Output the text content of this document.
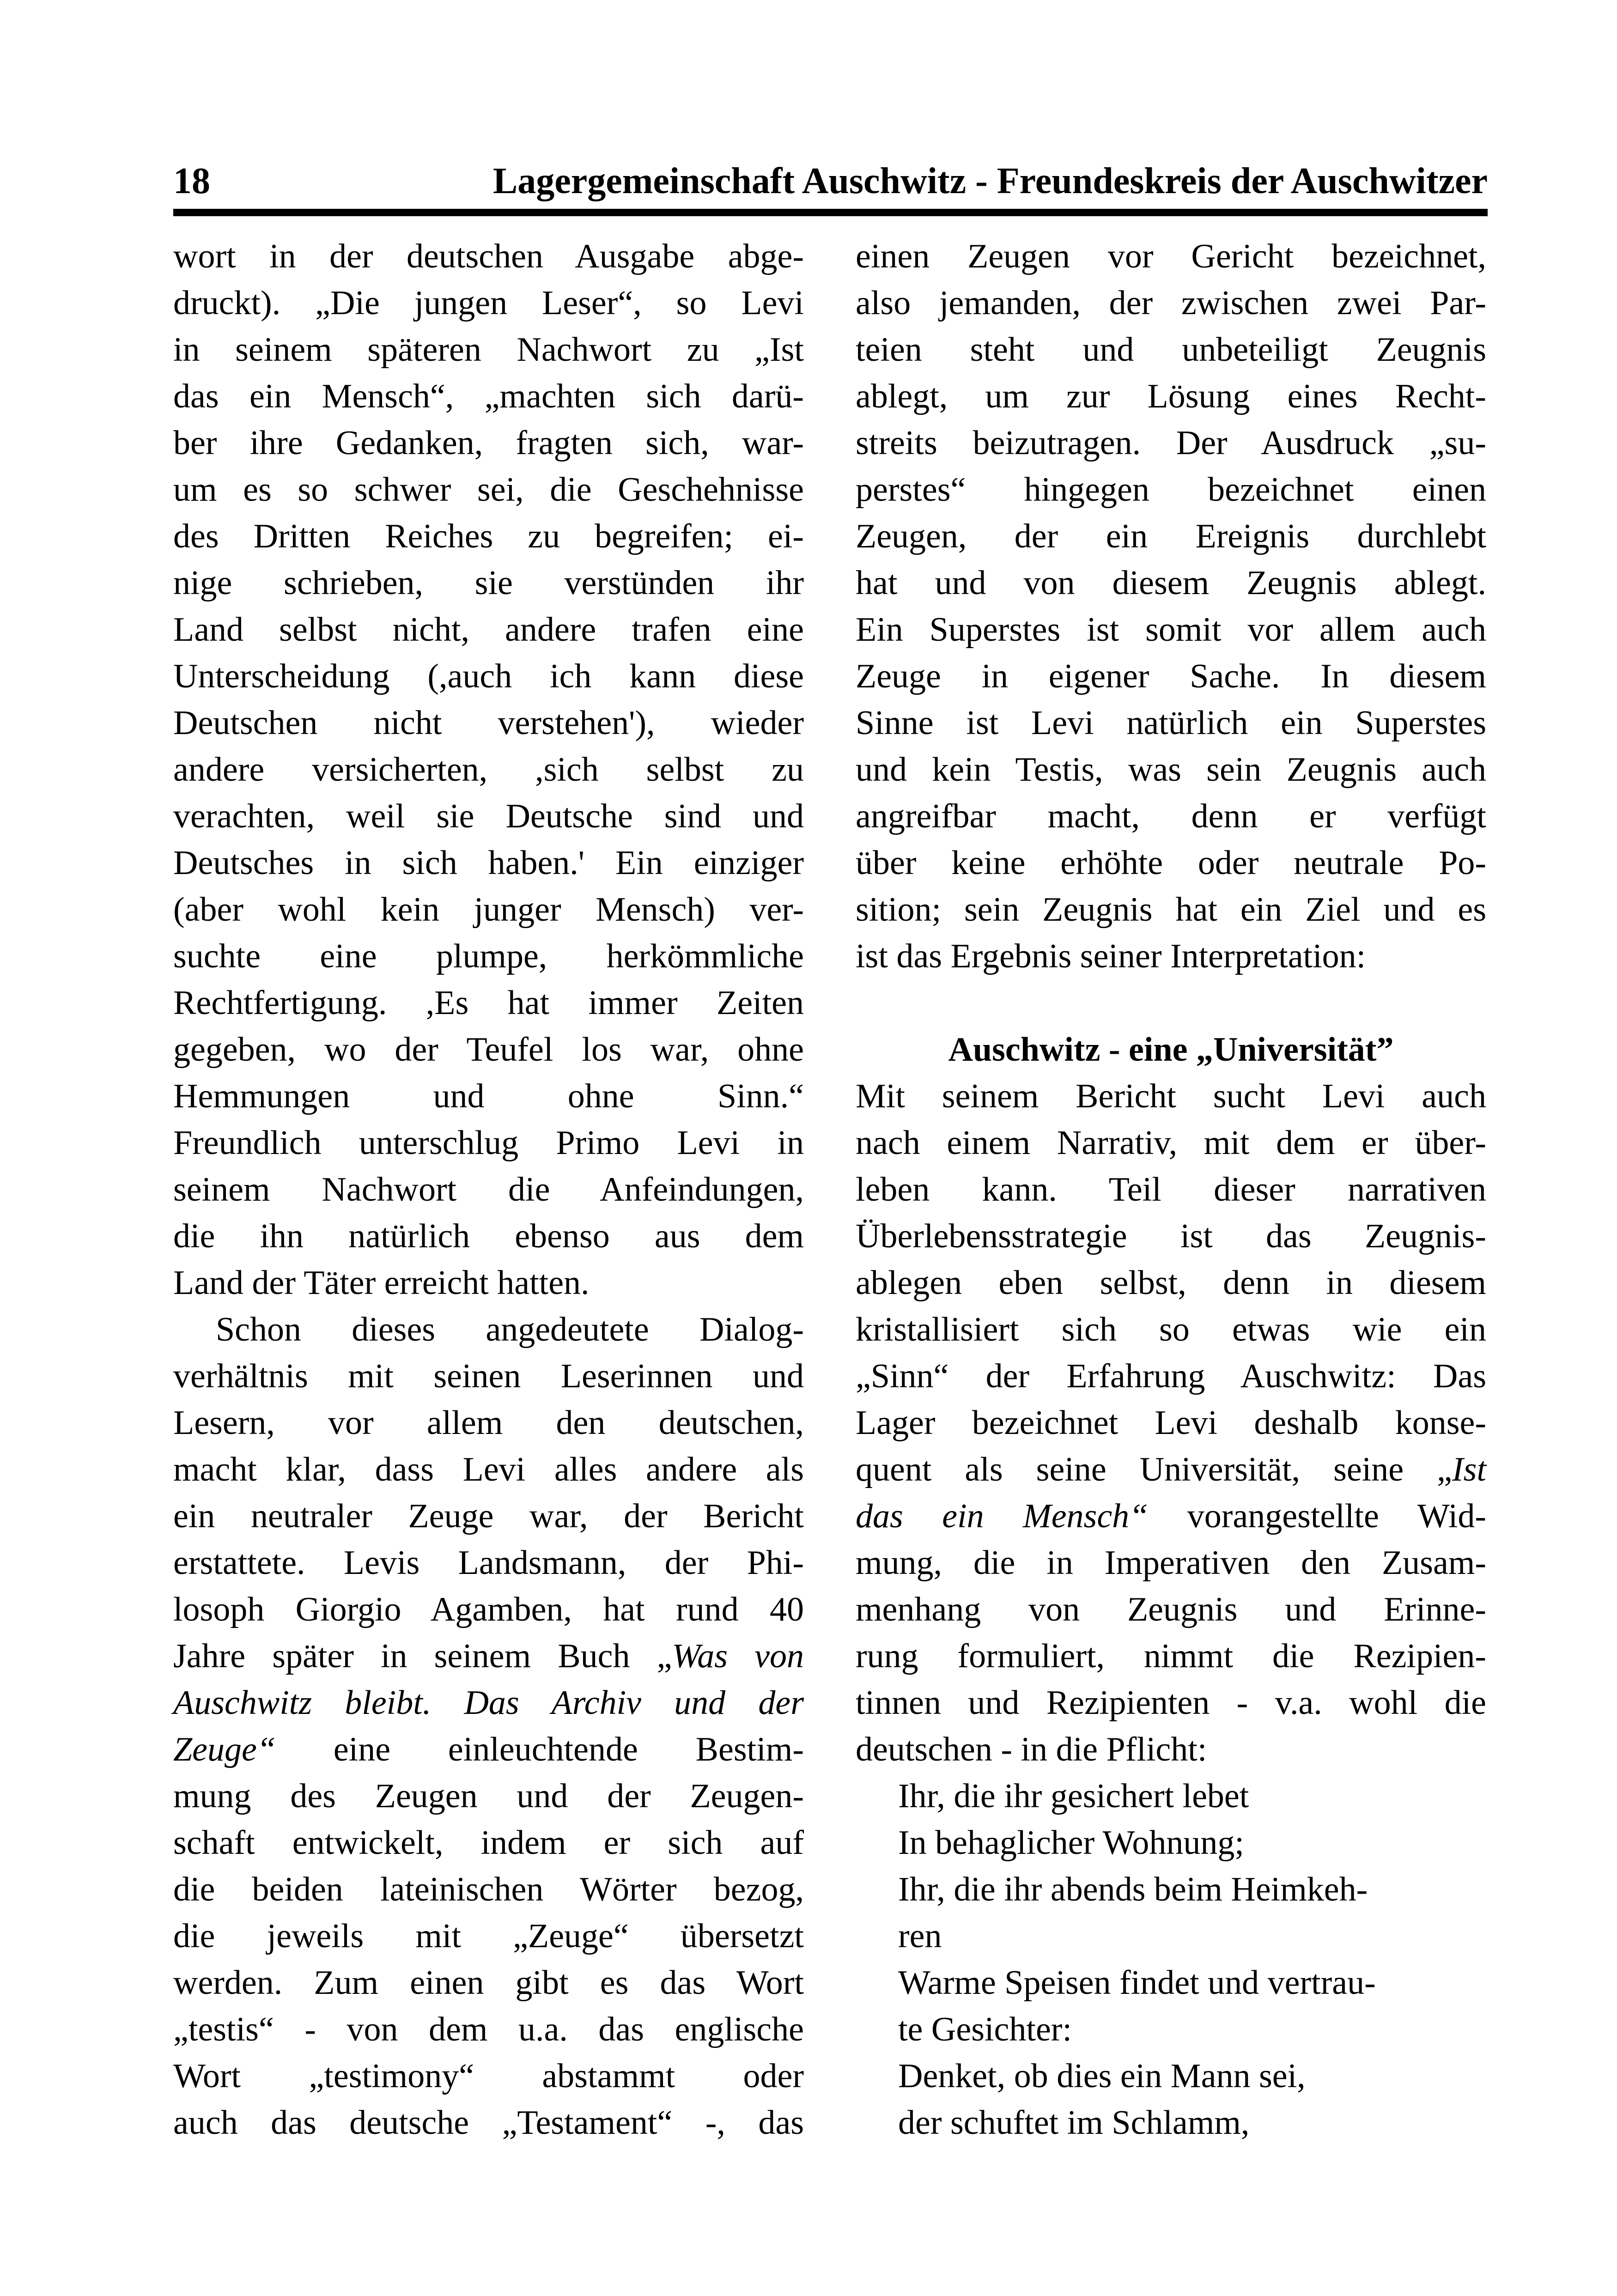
18	Lagergemeinschaft Auschwitz - Freundeskreis der Auschwitzer
wort in der deutschen Ausgabe abge-
druckt). „Die jungen Leser“, so Levi
in seinem späteren Nachwort zu „Ist
das ein Mensch“, „machten sich darü-
ber ihre Gedanken, fragten sich, war-
um es so schwer sei, die Geschehnisse
des Dritten Reiches zu begreifen; ei-
nige schrieben, sie verstünden ihr
Land selbst nicht, andere trafen eine
Unterscheidung (,auch ich kann diese
Deutschen nicht verstehen'), wieder
andere versicherten, ,sich selbst zu
verachten, weil sie Deutsche sind und
Deutsches in sich haben.' Ein einziger
(aber wohl kein junger Mensch) ver-
suchte eine plumpe, herkömmliche
Rechtfertigung. ,Es hat immer Zeiten
gegeben, wo der Teufel los war, ohne
Hemmungen und ohne Sinn.“
Freundlich unterschlug Primo Levi in
seinem Nachwort die Anfeindungen,
die ihn natürlich ebenso aus dem
Land der Täter erreicht hatten.
Schon dieses angedeutete Dialog-
verhältnis mit seinen Leserinnen und
Lesern, vor allem den deutschen,
macht klar, dass Levi alles andere als
ein neutraler Zeuge war, der Bericht
erstattete. Levis Landsmann, der Phi-
losoph Giorgio Agamben, hat rund 40
Jahre später in seinem Buch „Was von
Auschwitz bleibt. Das Archiv und der
Zeuge“ eine einleuchtende Bestim-
mung des Zeugen und der Zeugen-
schaft entwickelt, indem er sich auf
die beiden lateinischen Wörter bezog,
die jeweils mit „Zeuge“ übersetzt
werden. Zum einen gibt es das Wort
„testis“ - von dem u.a. das englische
Wort „testimony“ abstammt oder
auch das deutsche „Testament“ -, das
einen Zeugen vor Gericht bezeichnet,
also jemanden, der zwischen zwei Par-
teien steht und unbeteiligt Zeugnis
ablegt, um zur Lösung eines Recht-
streits beizutragen. Der Ausdruck „su-
perstes“ hingegen bezeichnet einen
Zeugen, der ein Ereignis durchlebt
hat und von diesem Zeugnis ablegt.
Ein Superstes ist somit vor allem auch
Zeuge in eigener Sache. In diesem
Sinne ist Levi natürlich ein Superstes
und kein Testis, was sein Zeugnis auch
angreifbar macht, denn er verfügt
über keine erhöhte oder neutrale Po-
sition; sein Zeugnis hat ein Ziel und es
ist das Ergebnis seiner Interpretation:
Auschwitz - eine „Universität”
Mit seinem Bericht sucht Levi auch
nach einem Narrativ, mit dem er über-
leben kann. Teil dieser narrativen
Überlebensstrategie ist das Zeugnis-
ablegen eben selbst, denn in diesem
kristallisiert sich so etwas wie ein
„Sinn“ der Erfahrung Auschwitz: Das
Lager bezeichnet Levi deshalb konse-
quent als seine Universität, seine „Ist
das ein Mensch“ vorangestellte Wid-
mung, die in Imperativen den Zusam-
menhang von Zeugnis und Erinne-
rung formuliert, nimmt die Rezipien-
tinnen und Rezipienten - v.a. wohl die
deutschen - in die Pflicht:
Ihr, die ihr gesichert lebet
In behaglicher Wohnung;
Ihr, die ihr abends beim Heimkeh-
ren
Warme Speisen findet und vertrau-
te Gesichter:
Denket, ob dies ein Mann sei,
der schuftet im Schlamm,
